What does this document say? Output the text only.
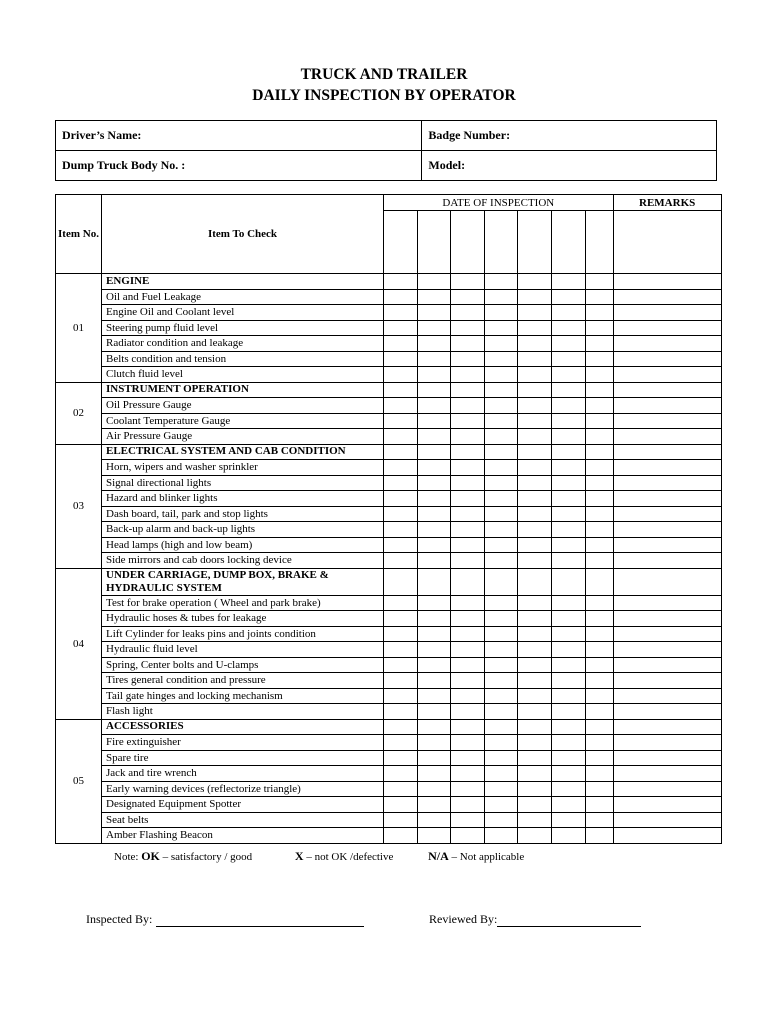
TRUCK AND TRAILER
DAILY INSPECTION BY OPERATOR
Driver’s Name:	Badge Number:
Dump Truck Body No. :	Model:
Item No.	Item To Check	DATE OF INSPECTION							REMARKS

01	ENGINE								
	Oil and Fuel Leakage								
	Engine Oil and Coolant level								
	Steering pump fluid level								
	Radiator condition and leakage								
	Belts condition and tension								
	Clutch fluid level								
02	INSTRUMENT OPERATION								
	Oil Pressure Gauge								
	Coolant Temperature Gauge								
	Air Pressure Gauge								
03	ELECTRICAL SYSTEM AND CAB CONDITION								
	Horn, wipers and washer sprinkler								
	Signal directional lights								
	Hazard and blinker lights								
	Dash board, tail, park and stop lights								
	Back-up alarm and back-up lights								
	Head lamps (high and low beam)								
	Side mirrors and cab doors locking device								
04	UNDER CARRIAGE, DUMP BOX, BRAKE & HYDRAULIC SYSTEM								
	Test for brake operation ( Wheel and park brake)								
	Hydraulic hoses & tubes for leakage								
	Lift Cylinder for leaks pins and joints condition								
	Hydraulic fluid level								
	Spring, Center bolts and U-clamps								
	Tires general condition and pressure								
	Tail gate hinges and locking mechanism								
	Flash light								
05	ACCESSORIES								
	Fire extinguisher								
	Spare tire								
	Jack and tire wrench								
	Early warning devices (reflectorize triangle)								
	Designated Equipment Spotter								
	Seat belts								
	Amber Flashing Beacon								
Note: OK – satisfactory / good	X – not OK /defective	N/A – Not applicable
Inspected By:	Reviewed By:
